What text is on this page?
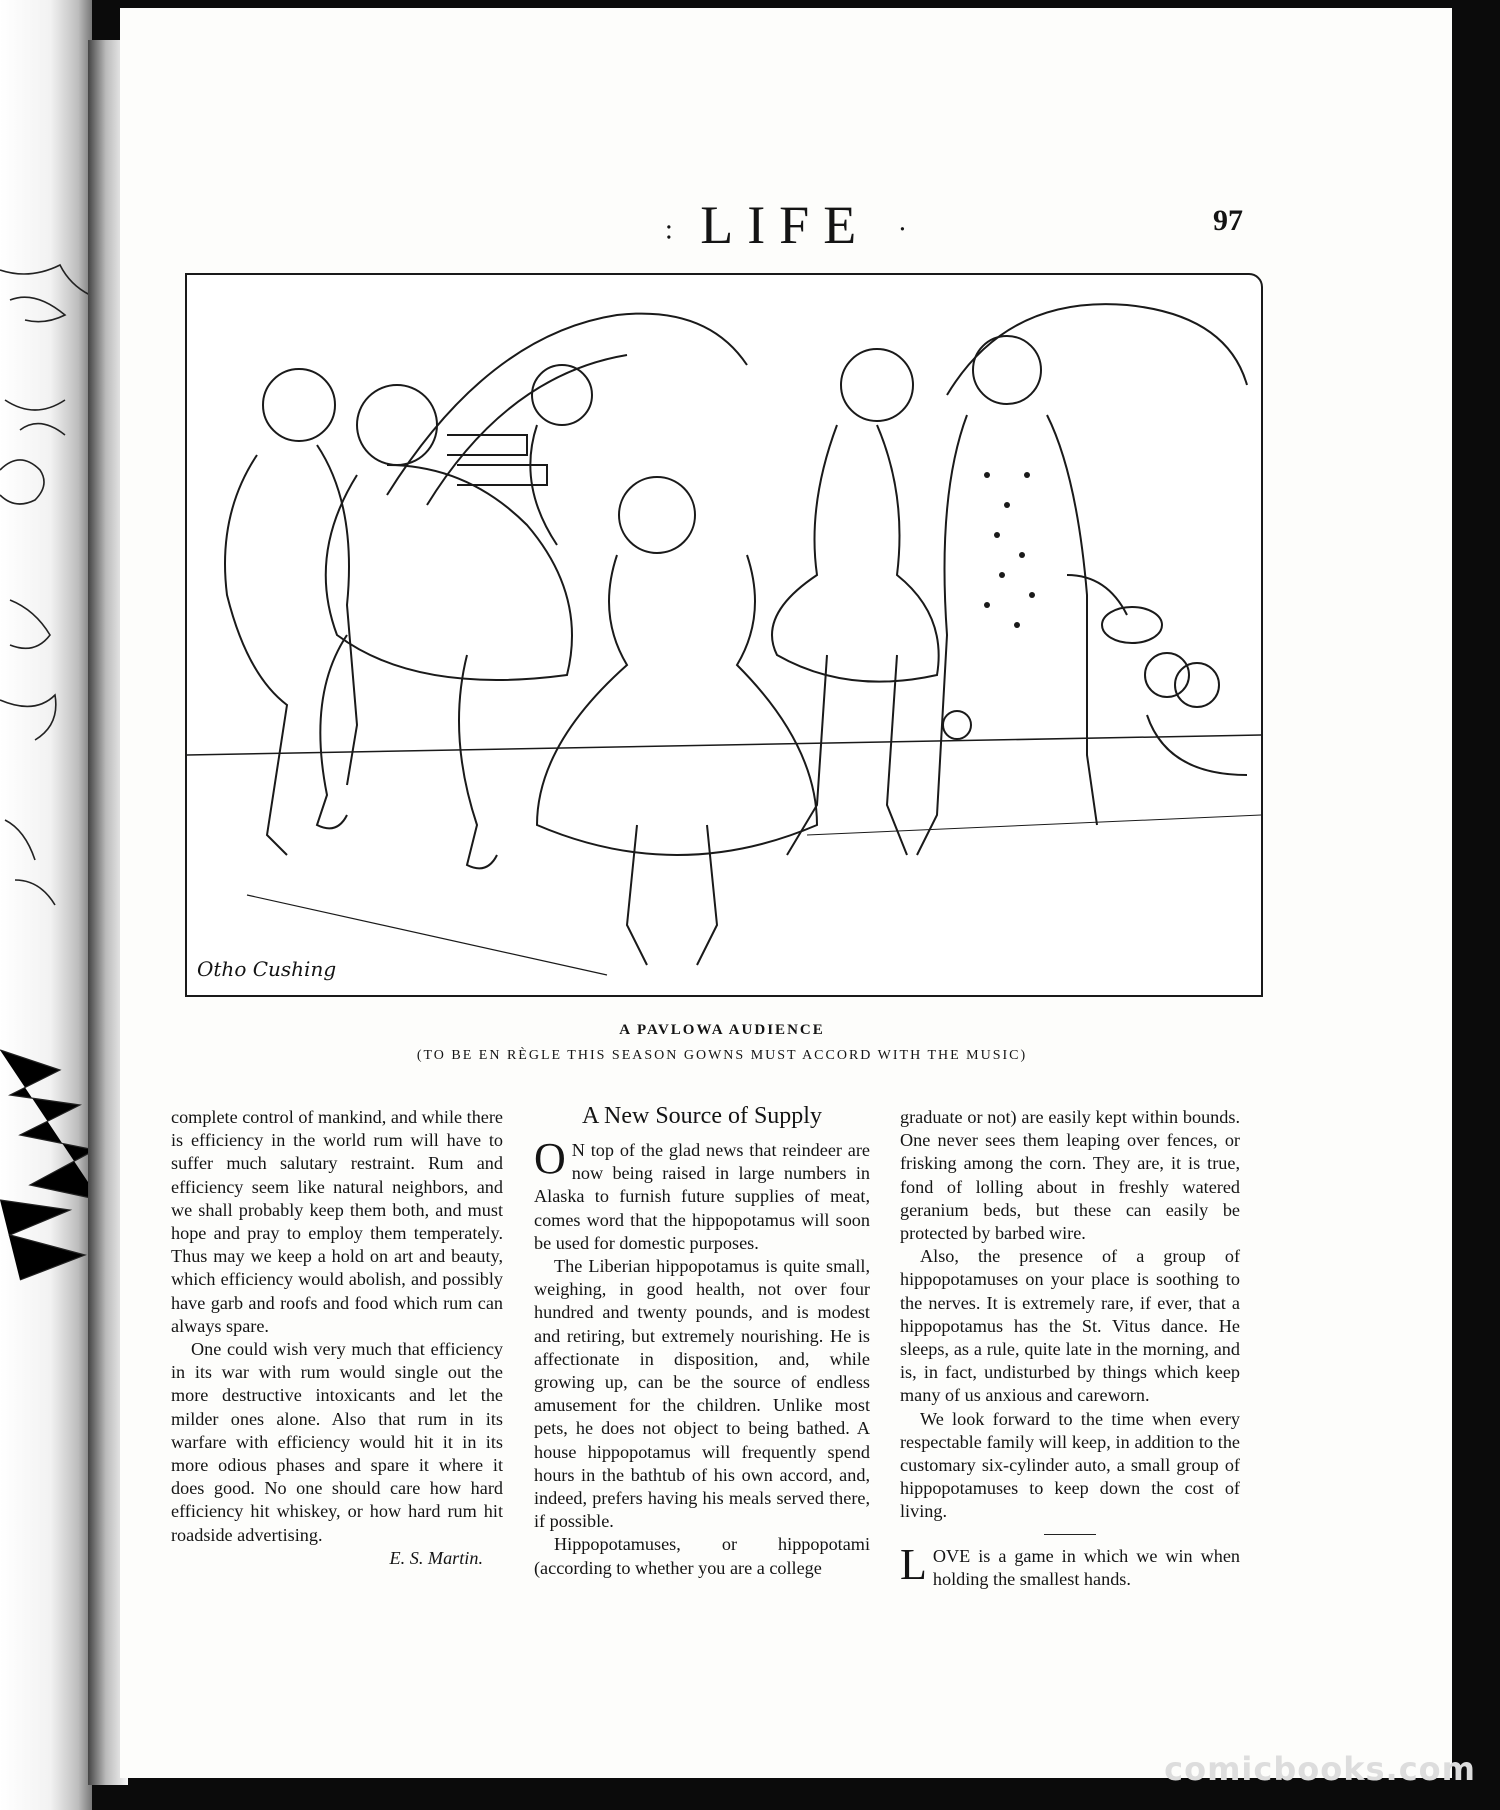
: LIFE ·	97
Otho Cushing
A PAVLOWA AUDIENCE
(TO BE EN RÈGLE THIS SEASON GOWNS MUST ACCORD WITH THE MUSIC)

complete control of mankind, and while there is efficiency in the world rum will have to suffer much salutary restraint. Rum and efficiency seem like natural neighbors, and we shall probably keep them both, and must hope and pray to employ them temperately. Thus may we keep a hold on art and beauty, which efficiency would abolish, and possibly have garb and roofs and food which rum can always spare.

One could wish very much that efficiency in its war with rum would single out the more destructive intoxicants and let the milder ones alone. Also that rum in its warfare with efficiency would hit it in its more odious phases and spare it where it does good. No one should care how hard efficiency hit whiskey, or how hard rum hit roadside advertising.

E. S. Martin.

A New Source of Supply

O N top of the glad news that reindeer are now being raised in large numbers in Alaska to furnish future supplies of meat, comes word that the hippopotamus will soon be used for domestic purposes.

The Liberian hippopotamus is quite small, weighing, in good health, not over four hundred and twenty pounds, and is modest and retiring, but extremely nourishing. He is affectionate in disposition, and, while growing up, can be the source of endless amusement for the children. Unlike most pets, he does not object to being bathed. A house hippopotamus will frequently spend hours in the bathtub of his own accord, and, indeed, prefers having his meals served there, if possible.

Hippopotamuses, or hippopotami (according to whether you are a college

graduate or not) are easily kept within bounds. One never sees them leaping over fences, or frisking among the corn. They are, it is true, fond of lolling about in freshly watered geranium beds, but these can easily be protected by barbed wire.

Also, the presence of a group of hippopotamuses on your place is soothing to the nerves. It is extremely rare, if ever, that a hippopotamus has the St. Vitus dance. He sleeps, as a rule, quite late in the morning, and is, in fact, undisturbed by things which keep many of us anxious and careworn.

We look forward to the time when every respectable family will keep, in addition to the customary six-cylinder auto, a small group of hippopotamuses to keep down the cost of living.

LOVE is a game in which we win when holding the smallest hands.

comicbooks.com
